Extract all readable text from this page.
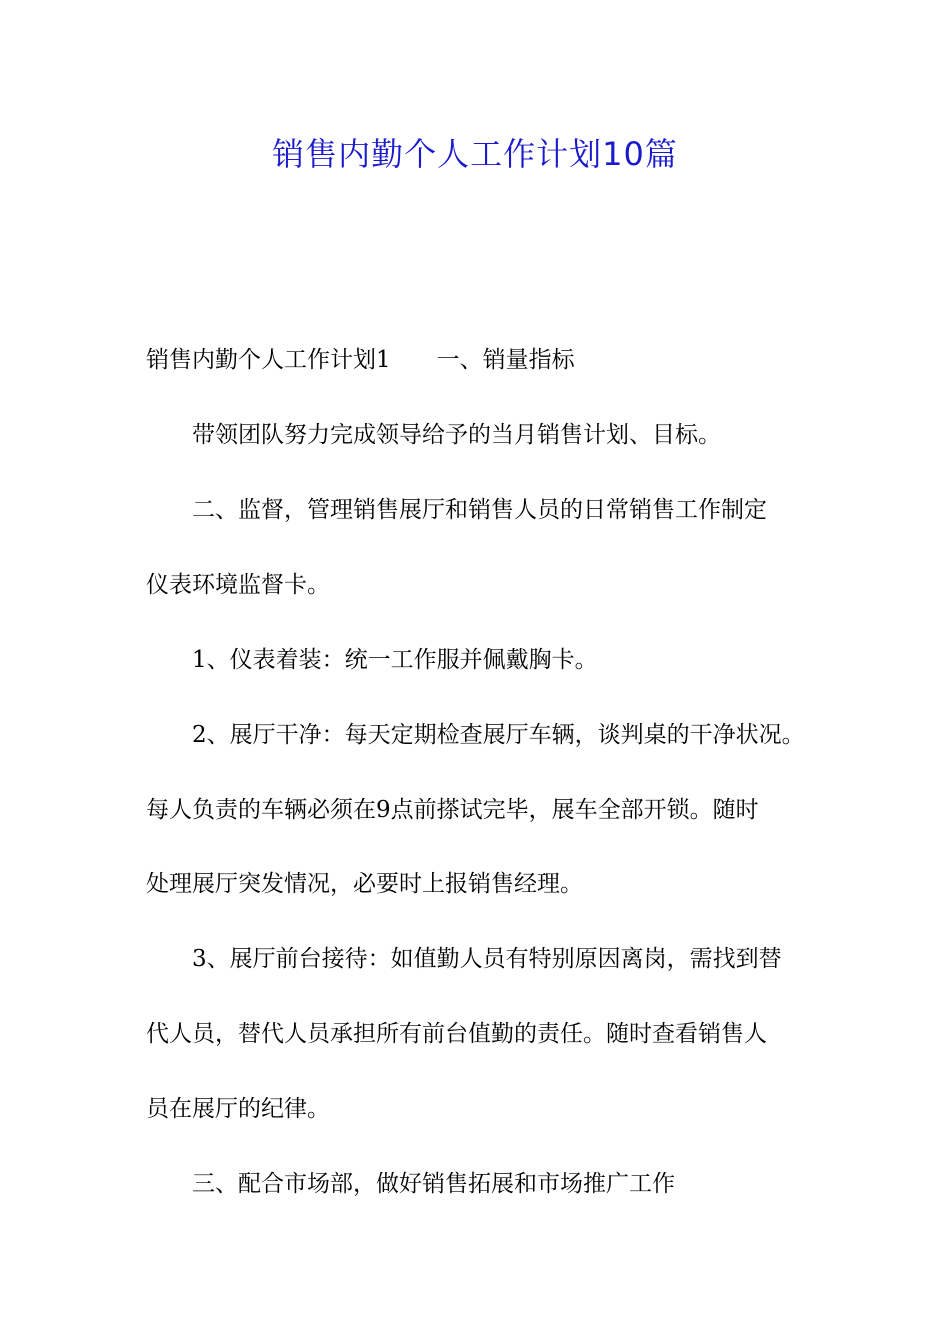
销售内勤个人工作计划10篇

销售内勤个人工作计划1 一、销量指标

带领团队努力完成领导给予的当月销售计划、目标。

二、监督，管理销售展厅和销售人员的日常销售工作制定

仪表环境监督卡。

1、仪表着装：统一工作服并佩戴胸卡。

2、展厅干净：每天定期检查展厅车辆，谈判桌的干净状况。

每人负责的车辆必须在9点前搽试完毕，展车全部开锁。随时

处理展厅突发情况，必要时上报销售经理。

3、展厅前台接待：如值勤人员有特别原因离岗，需找到替

代人员，替代人员承担所有前台值勤的责任。随时查看销售人

员在展厅的纪律。

三、配合市场部，做好销售拓展和市场推广工作
